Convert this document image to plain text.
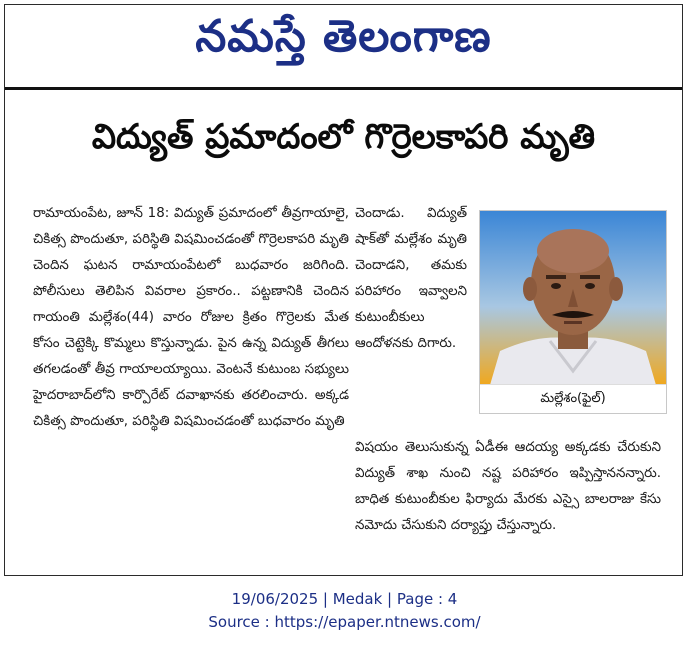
నమస్తే తెలంగాణ
విద్యుత్ ప్రమాదంలో గొర్రెలకాపరి మృతి

రామాయంపేట, జూన్ 18: విద్యుత్ ప్రమాదంలో తీవ్రగాయాలై, చికిత్స పొందుతూ, పరిస్థితి విషమించడంతో గొర్రెలకాపరి మృతి చెందిన ఘటన రామాయంపేటలో బుధవారం జరిగింది. పోలీసులు తెలిపిన వివరాల ప్రకారం.. పట్టణానికి చెందిన గాయంతి మల్లేశం(44) వారం రోజుల క్రితం గొర్రెలకు మేత కోసం చెట్టెక్కి కొమ్మలు కొస్తున్నాడు. పైన ఉన్న విద్యుత్ తీగలు తగలడంతో తీవ్ర గాయాలయ్యాయి. వెంటనే కుటుంబ సభ్యులు హైదరాబాద్‌లోని కార్పొరేట్ దవాఖానకు తరలించారు. అక్కడ చికిత్స పొందుతూ, పరిస్థితి విషమించడంతో బుధవారం మృతి

చెందాడు. విద్యుత్ షాక్‌తో మల్లేశం మృతి చెందాడని, తమకు పరిహారం ఇవ్వాలని కుటుంబీకులు ఆందోళనకు దిగారు.

మల్లేశం(ఫైల్)

విషయం తెలుసుకున్న ఏడీఈ ఆదయ్య అక్కడకు చేరుకుని విద్యుత్ శాఖ నుంచి నష్ట పరిహారం ఇప్పిస్తాననన్నారు. బాధిత కుటుంబీకుల ఫిర్యాదు మేరకు ఎస్సై బాలరాజు కేసు నమోదు చేసుకుని దర్యాప్తు చేస్తున్నారు.

19/06/2025 | Medak | Page : 4
Source : https://epaper.ntnews.com/
